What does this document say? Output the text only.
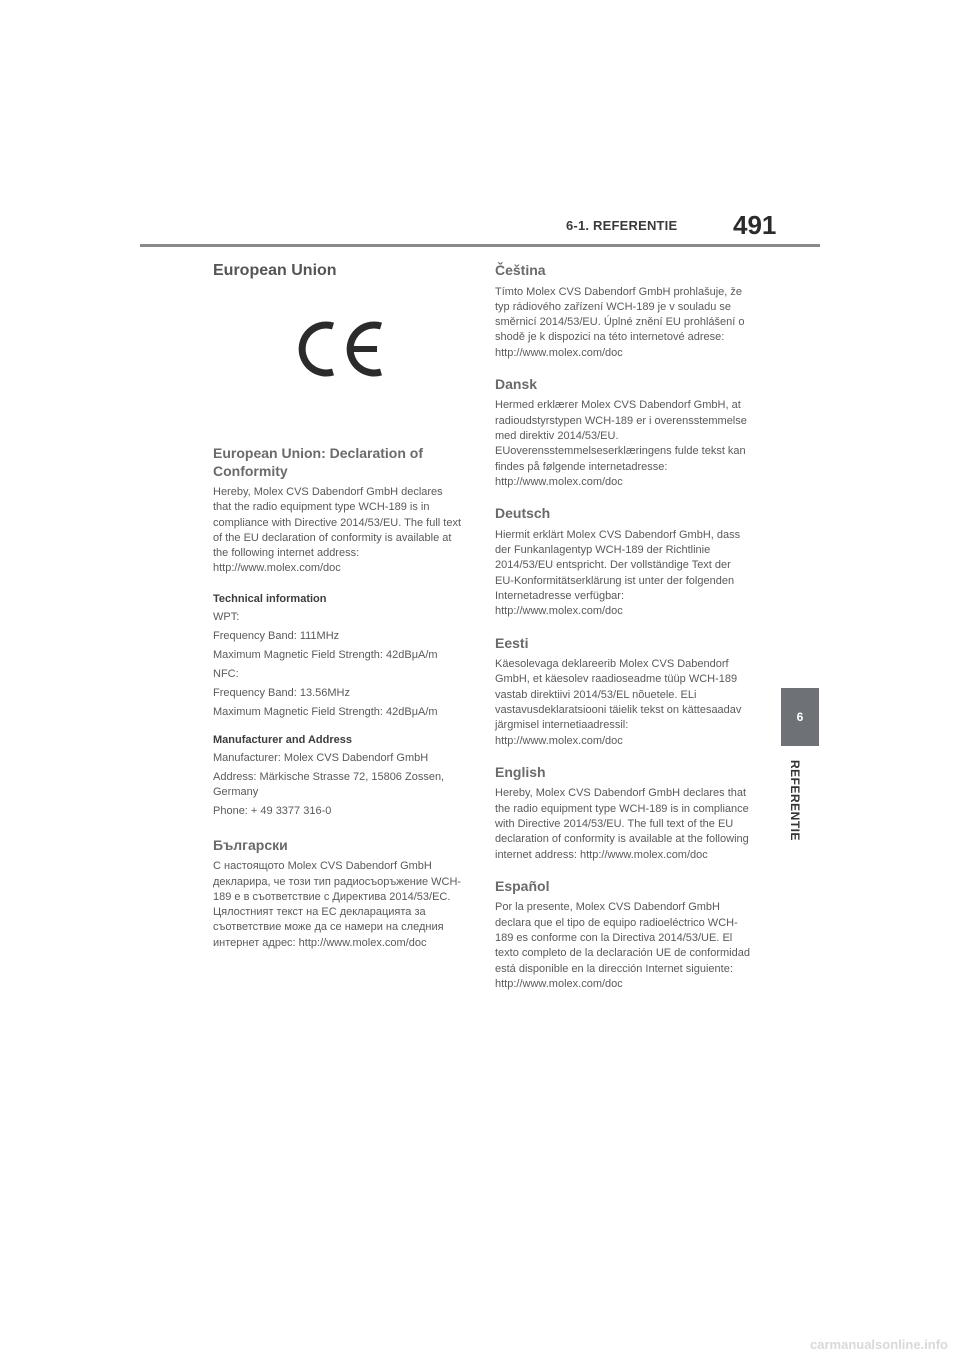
6-1. REFERENTIE 491
6
REFERENTIE
European Union
European Union: Declaration of Conformity

Hereby, Molex CVS Dabendorf GmbH declares that the radio equipment type WCH-189 is in compliance with Directive 2014/53/EU. The full text of the EU declaration of conformity is available at the following internet address: http://www.molex.com/doc

Technical information

WPT:

Frequency Band: 111MHz

Maximum Magnetic Field Strength: 42dBμA/m

NFC:

Frequency Band: 13.56MHz

Maximum Magnetic Field Strength: 42dBμA/m

Manufacturer and Address

Manufacturer: Molex CVS Dabendorf GmbH

Address: Märkische Strasse 72, 15806 Zossen, Germany

Phone: + 49 3377 316-0

Български

С настоящото Molex CVS Dabendorf GmbH декларира, че този тип радиосъоръжение WCH-189 е в съответствие с Директива 2014/53/ЕС. Цялостният текст на ЕС декларацията за съответствие може да се намери на следния интернет адрес: http://www.molex.com/doc

Čeština

Tímto Molex CVS Dabendorf GmbH prohlašuje, že typ rádiového zařízení WCH-189 je v souladu se směrnicí 2014/53/EU. Úplné znění EU prohlášení o shodě je k dispozici na této internetové adrese: http://www.molex.com/doc

Dansk

Hermed erklærer Molex CVS Dabendorf GmbH, at radioudstyrstypen WCH-189 er i overensstemmelse med direktiv 2014/53/EU. EUoverensstemmelseserklæringens fulde tekst kan findes på følgende internetadresse: http://www.molex.com/doc

Deutsch

Hiermit erklärt Molex CVS Dabendorf GmbH, dass der Funkanlagentyp WCH-189 der Richtlinie 2014/53/EU entspricht. Der vollständige Text der EU-Konformitätserklärung ist unter der folgenden Internetadresse verfügbar: http://www.molex.com/doc

Eesti

Käesolevaga deklareerib Molex CVS Dabendorf GmbH, et käesolev raadioseadme tüüp WCH-189 vastab direktiivi 2014/53/EL nõuetele. ELi vastavusdeklaratsiooni täielik tekst on kättesaadav järgmisel internetiaadressil: http://www.molex.com/doc

English

Hereby, Molex CVS Dabendorf GmbH declares that the radio equipment type WCH-189 is in compliance with Directive 2014/53/EU. The full text of the EU declaration of conformity is available at the following internet address: http://www.molex.com/doc

Español

Por la presente, Molex CVS Dabendorf GmbH declara que el tipo de equipo radioeléctrico WCH-189 es conforme con la Directiva 2014/53/UE. El texto completo de la declaración UE de conformidad está disponible en la dirección Internet siguiente: http://www.molex.com/doc

carmanualsonline.info
